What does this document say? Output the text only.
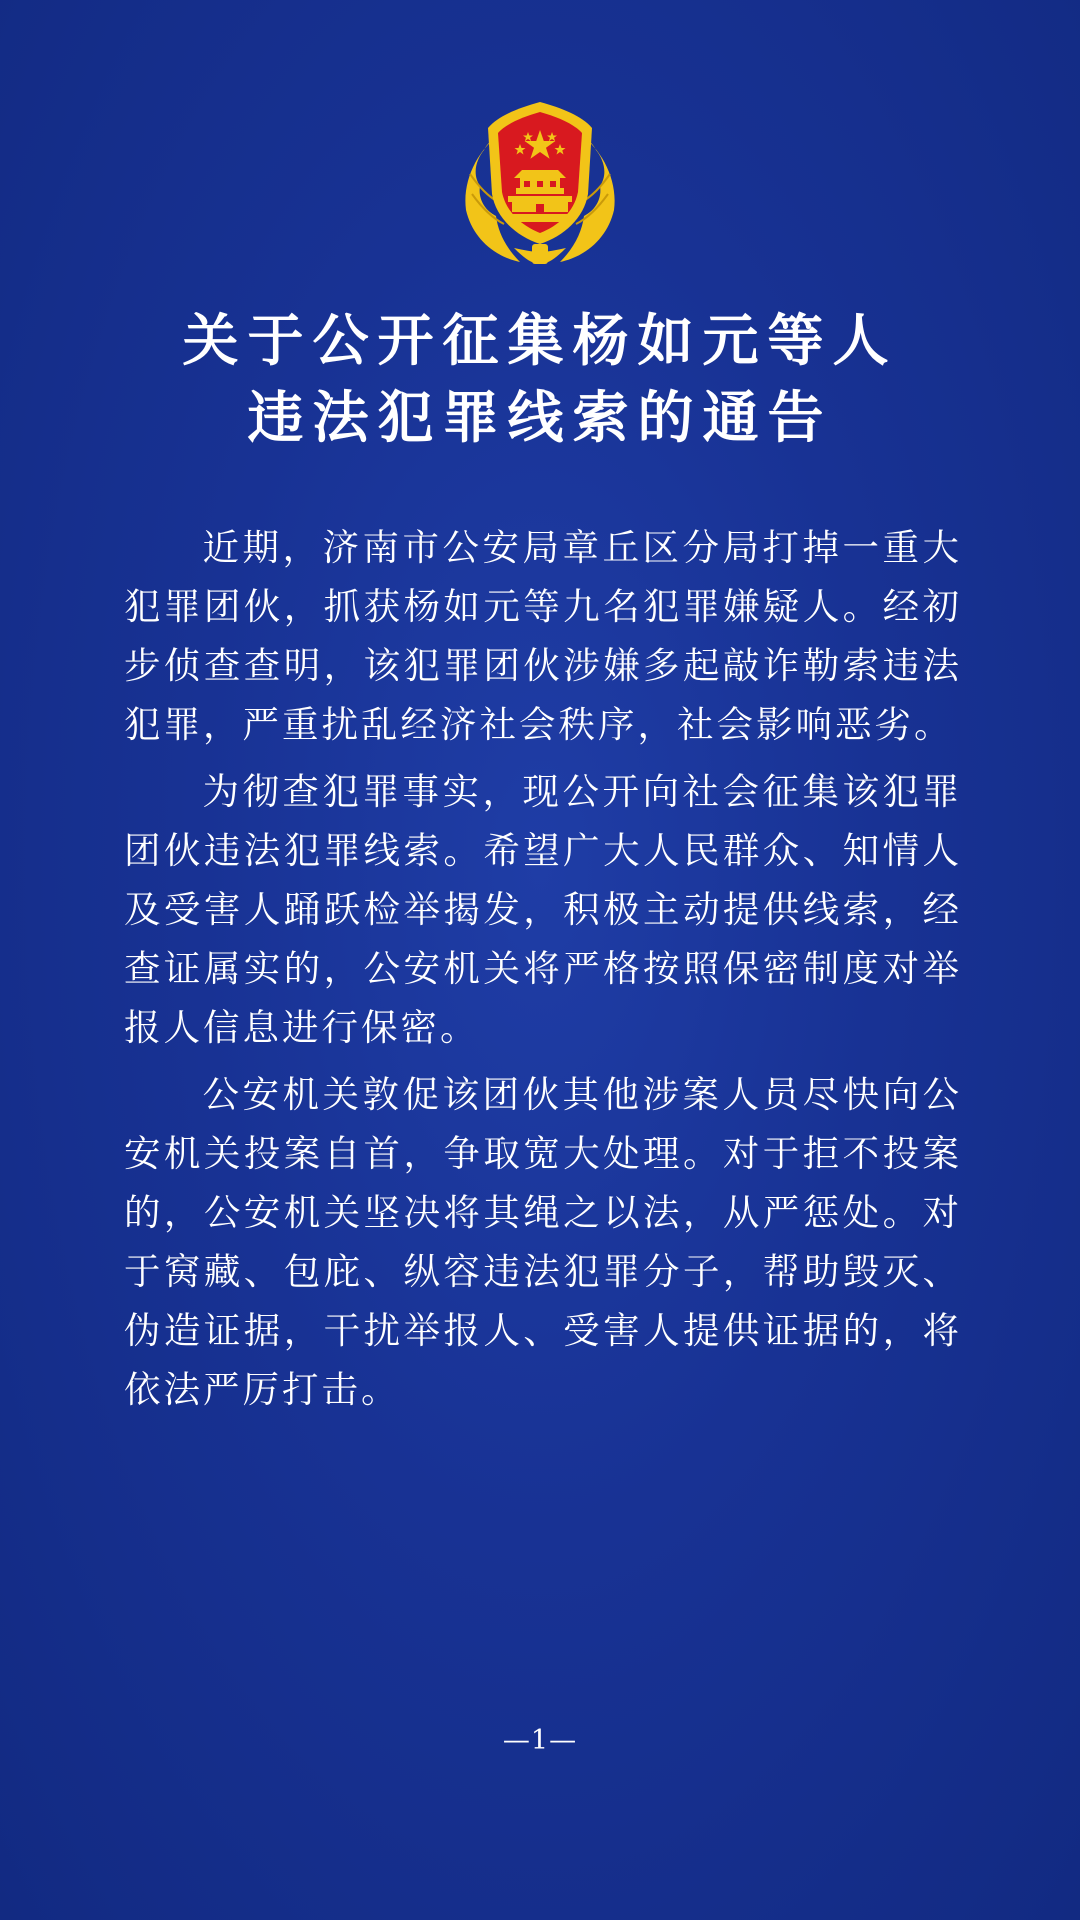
关于公开征集杨如元等人
违法犯罪线索的通告

近期，济南市公安局章丘区分局打掉一重大犯罪团伙，抓获杨如元等九名犯罪嫌疑人。经初步侦查查明，该犯罪团伙涉嫌多起敲诈勒索违法犯罪，严重扰乱经济社会秩序，社会影响恶劣。

为彻查犯罪事实，现公开向社会征集该犯罪团伙违法犯罪线索。希望广大人民群众、知情人及受害人踊跃检举揭发，积极主动提供线索，经查证属实的，公安机关将严格按照保密制度对举报人信息进行保密。

公安机关敦促该团伙其他涉案人员尽快向公安机关投案自首，争取宽大处理。对于拒不投案的，公安机关坚决将其绳之以法，从严惩处。对于窝藏、包庇、纵容违法犯罪分子，帮助毁灭、伪造证据，干扰举报人、受害人提供证据的，将依法严厉打击。

—1—
